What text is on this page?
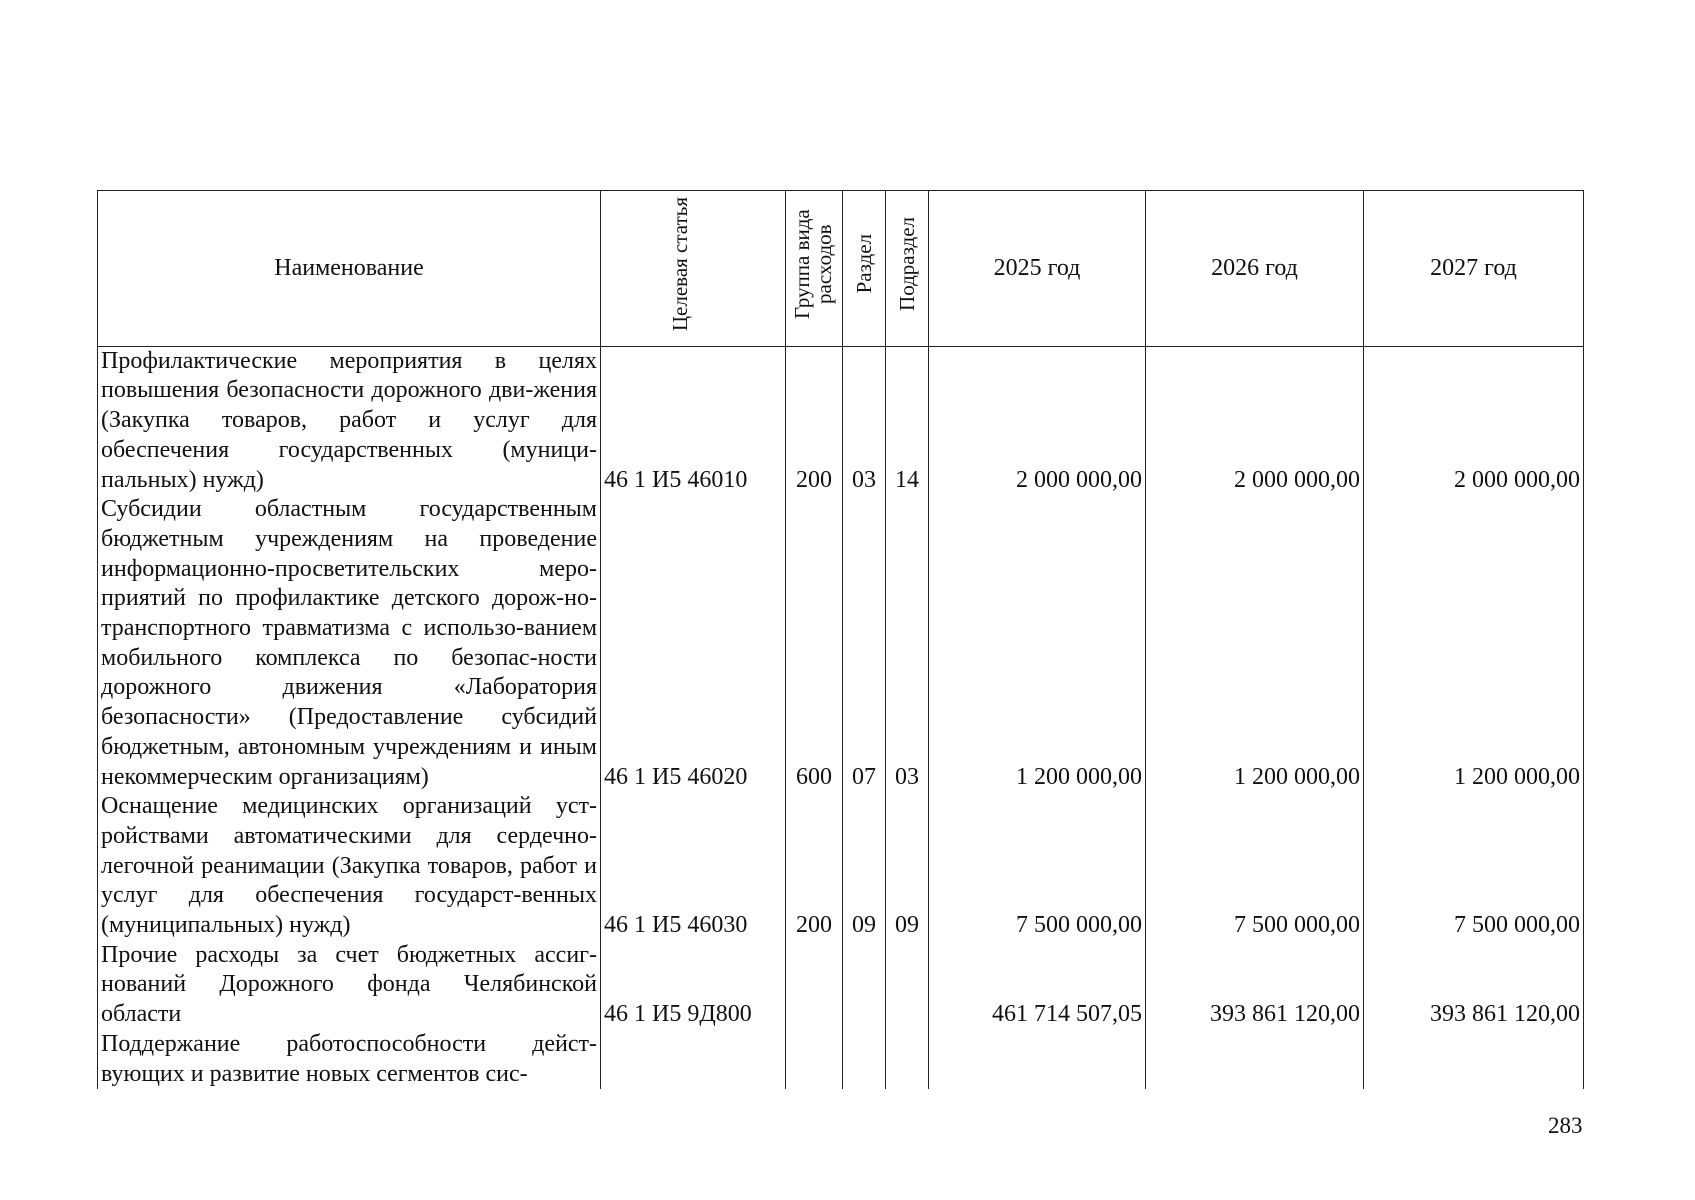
Наименование	Целевая статья	Группа вида расходов	Раздел	Подраздел	2025 год	2026 год	2027 год
Профилактические мероприятия в целях повышения безопасности дорожного дви-жения (Закупка товаров, работ и услуг для обеспечения государственных (муници-пальных) нужд)	46 1 И5 46010	200	03	14	2 000 000,00	2 000 000,00	2 000 000,00
Субсидии областным государственным бюджетным учреждениям на проведение информационно-просветительских меро-приятий по профилактике детского дорож-но-транспортного травматизма с использо-ванием мобильного комплекса по безопас-ности дорожного движения «Лаборатория безопасности» (Предоставление субсидий бюджетным, автономным учреждениям и иным некоммерческим организациям)	46 1 И5 46020	600	07	03	1 200 000,00	1 200 000,00	1 200 000,00
Оснащение медицинских организаций уст-ройствами автоматическими для сердечно-легочной реанимации (Закупка товаров, работ и услуг для обеспечения государст-венных (муниципальных) нужд)	46 1 И5 46030	200	09	09	7 500 000,00	7 500 000,00	7 500 000,00
Прочие расходы за счет бюджетных ассиг-нований Дорожного фонда Челябинской области	46 1 И5 9Д800				461 714 507,05	393 861 120,00	393 861 120,00
Поддержание работоспособности дейст-вующих и развитие новых сегментов сис-							
283
